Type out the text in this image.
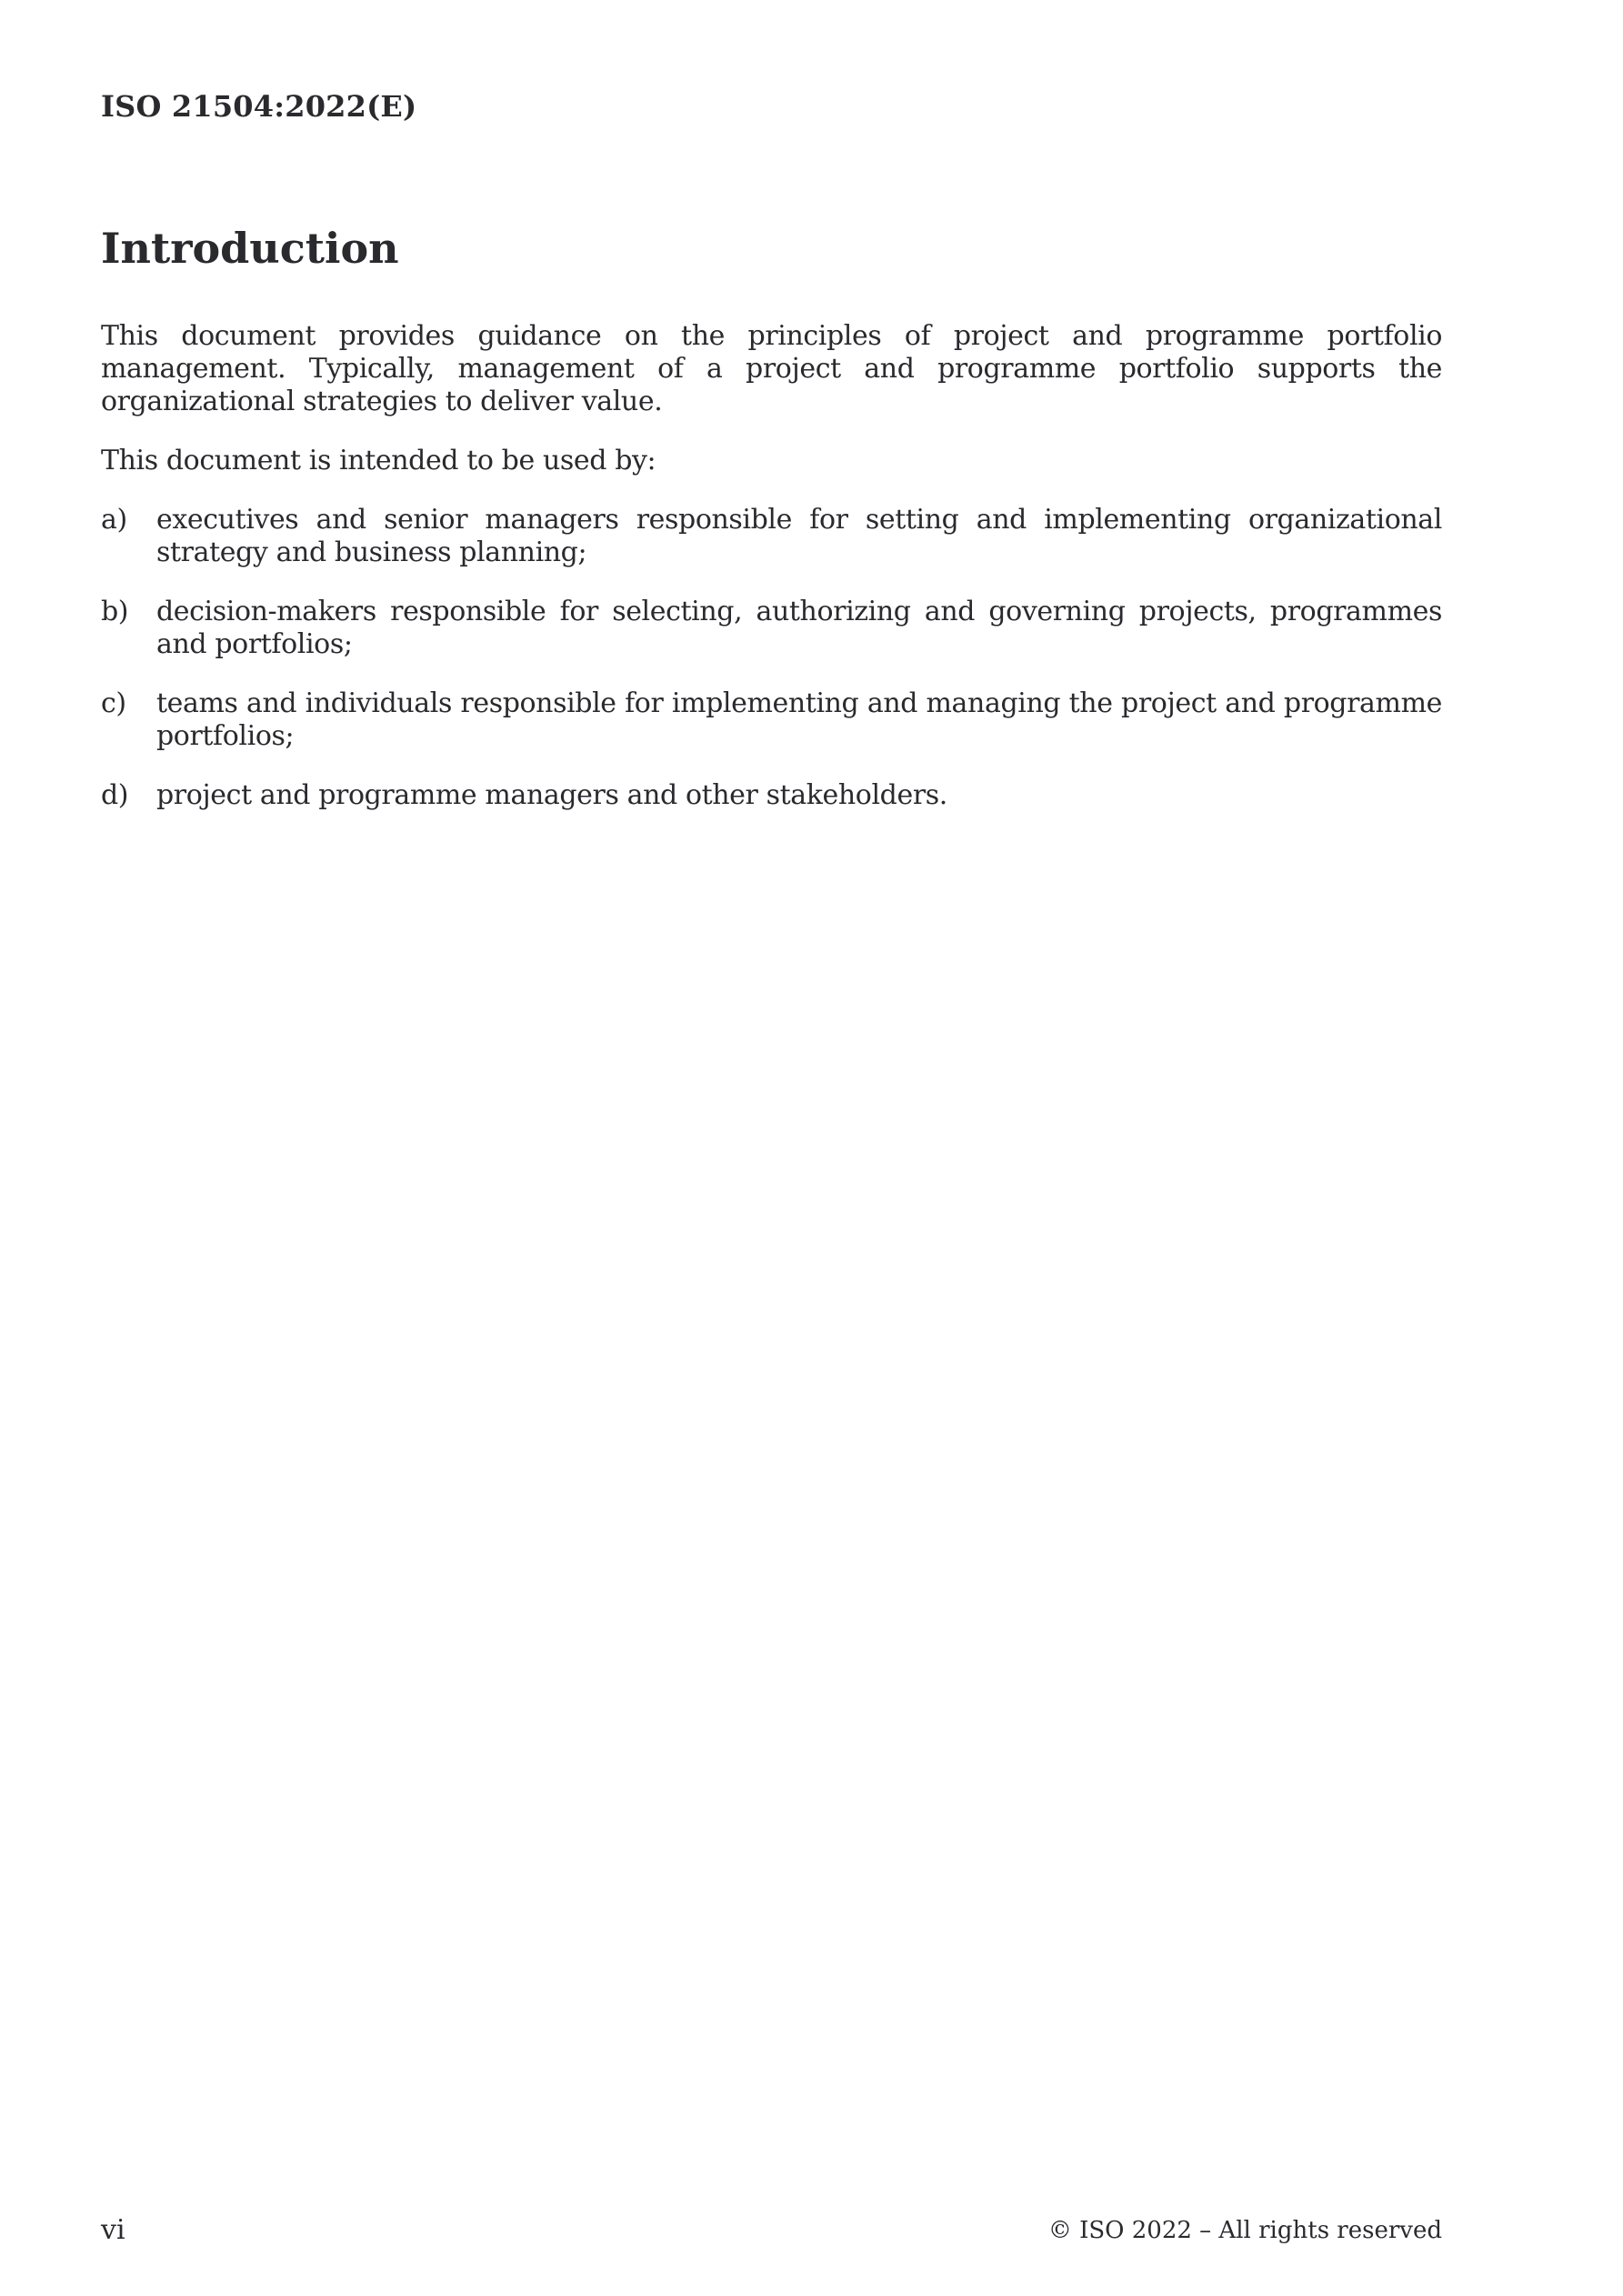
ISO 21504:2022(E)
Introduction

This document provides guidance on the principles of project and programme portfolio management. Typically, management of a project and programme portfolio supports the organizational strategies to deliver value.

This document is intended to be used by:

a) executives and senior managers responsible for setting and implementing organizational strategy and business planning;
b) decision-makers responsible for selecting, authorizing and governing projects, programmes and portfolios;
c) teams and individuals responsible for implementing and managing the project and programme portfolios;
d) project and programme managers and other stakeholders.
vi	© ISO 2022 – All rights reserved
